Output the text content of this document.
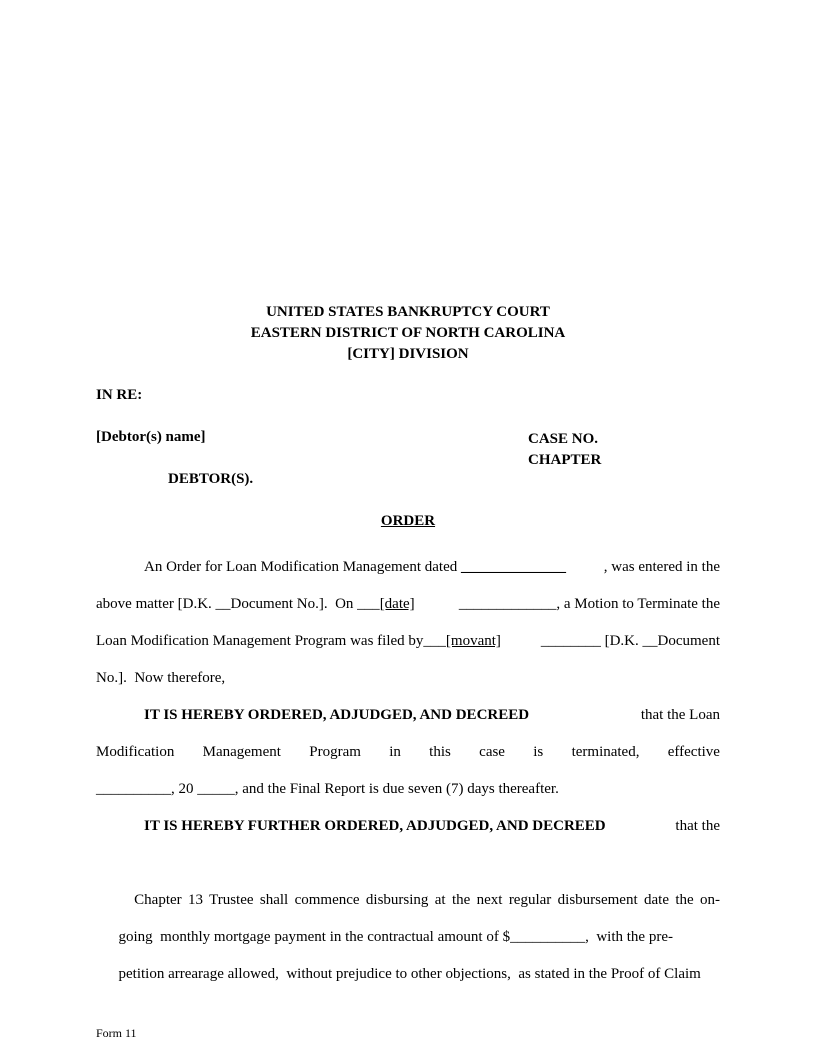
UNITED STATES BANKRUPTCY COURT
EASTERN DISTRICT OF NORTH CAROLINA
[CITY] DIVISION
IN RE:
[Debtor(s) name]	CASE NO.
CHAPTER
DEBTOR(S).
ORDER
An Order for Loan Modification Management dated ______________	, was entered in the
above matter [D.K. __Document No.].  On ___[date]	_____________, a Motion to Terminate the
Loan Modification Management Program was filed by___[movant]	________ [D.K. __Document
No.].  Now therefore,
IT IS HEREBY ORDERED, ADJUDGED, AND DECREED	that the Loan
Modification Management Program in this case is terminated, effective
__________, 20 _____, and the Final Report is due seven (7) days thereafter.
IT IS HEREBY FURTHER ORDERED, ADJUDGED, AND DECREED	that the

Chapter 13 Trustee shall commence disbursing at the next regular disbursement date the on-

going  monthly mortgage payment in the contractual amount of $__________,  with the pre-

petition arrearage allowed,  without prejudice to other objections,  as stated in the Proof of Claim

Form 11
